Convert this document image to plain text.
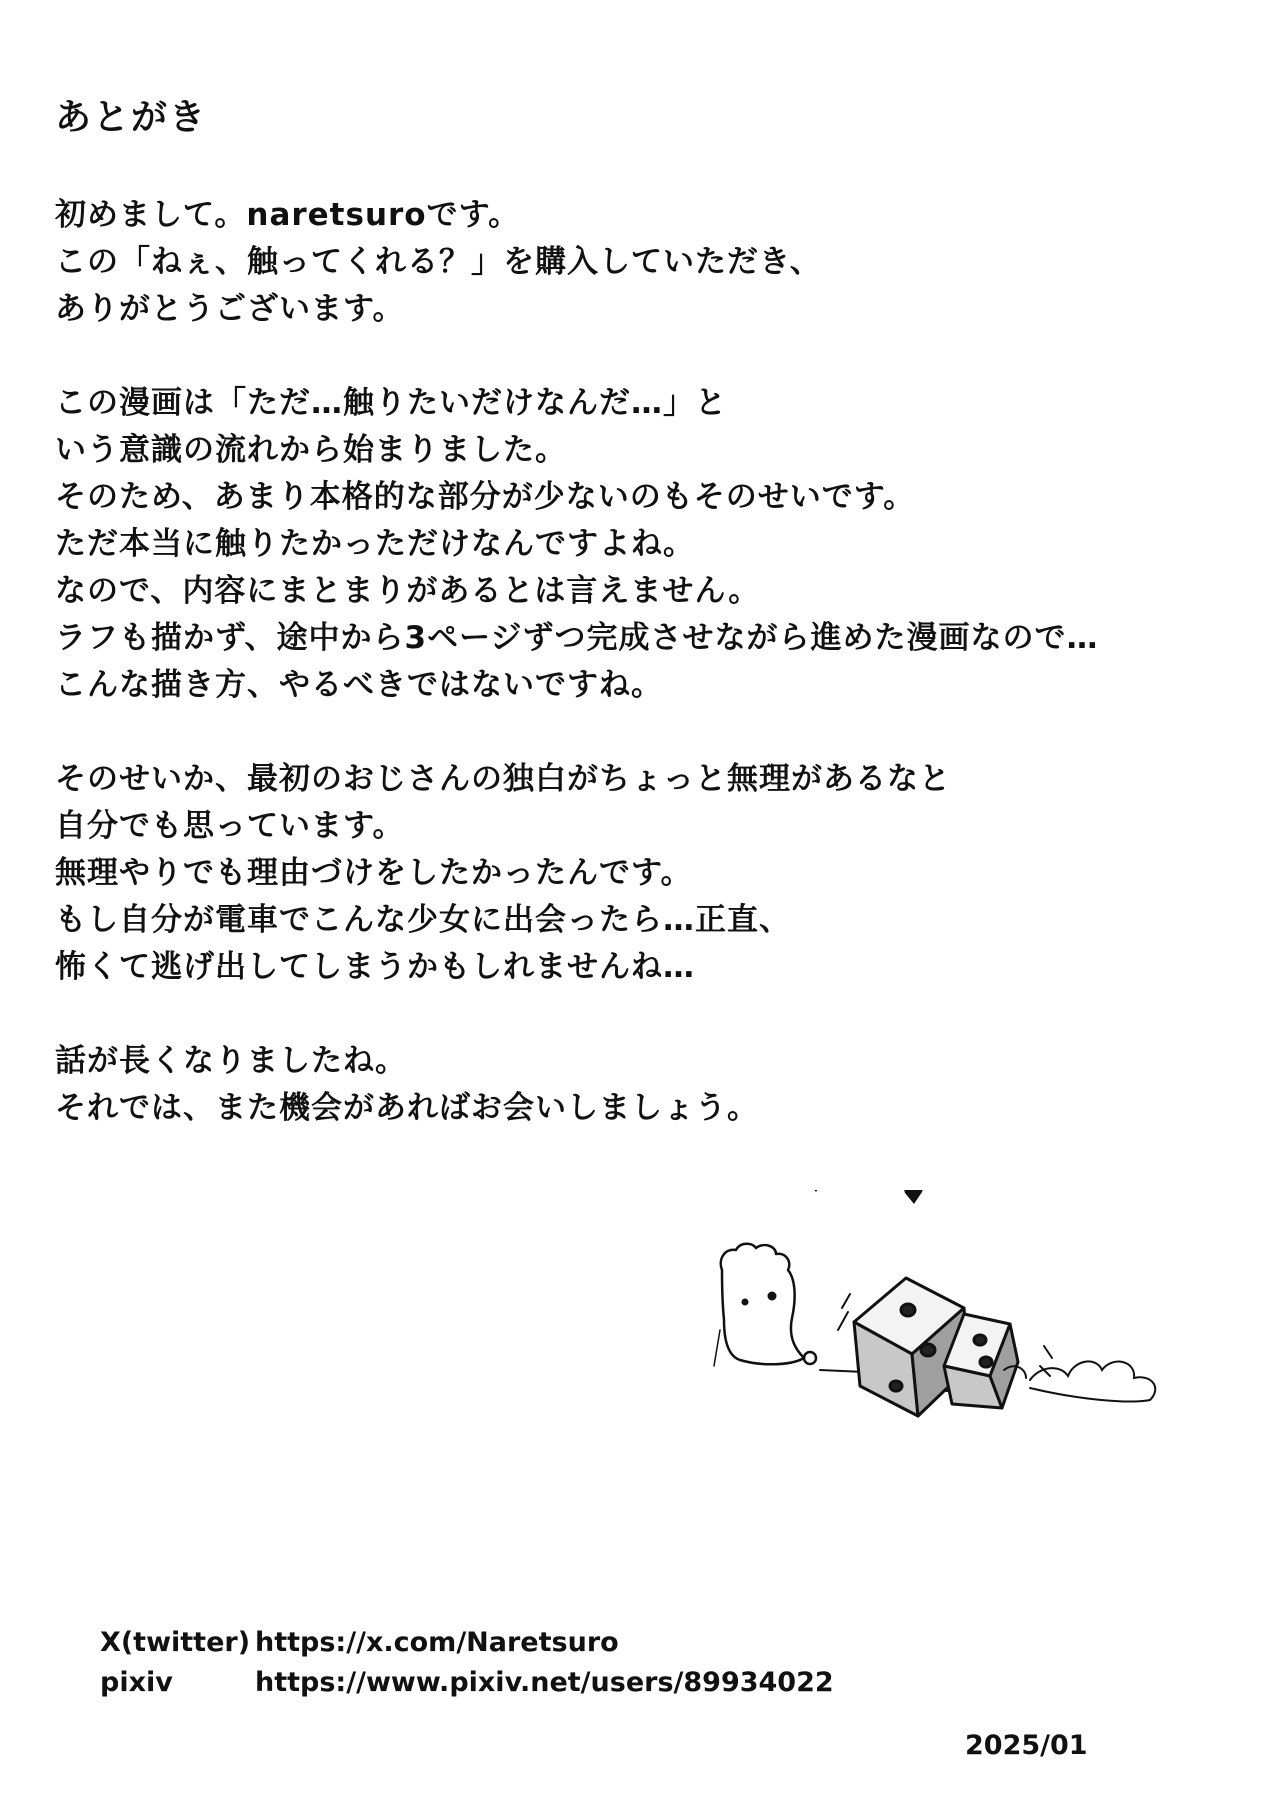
あとがき
初めまして。naretsuroです。
この「ねぇ、触ってくれる？」を購入していただき、
ありがとうございます。
この漫画は「ただ…触りたいだけなんだ…」と
いう意識の流れから始まりました。
そのため、あまり本格的な部分が少ないのもそのせいです。
ただ本当に触りたかっただけなんですよね。
なので、内容にまとまりがあるとは言えません。
ラフも描かず、途中から3ページずつ完成させながら進めた漫画なので…
こんな描き方、やるべきではないですね。
そのせいか、最初のおじさんの独白がちょっと無理があるなと
自分でも思っています。
無理やりでも理由づけをしたかったんです。
もし自分が電車でこんな少女に出会ったら…正直、
怖くて逃げ出してしまうかもしれませんね…
話が長くなりましたね。
それでは、また機会があればお会いしましょう。
X(twitter) https://x.com/Naretsuro
pixiv	https://www.pixiv.net/users/89934022
2025/01
